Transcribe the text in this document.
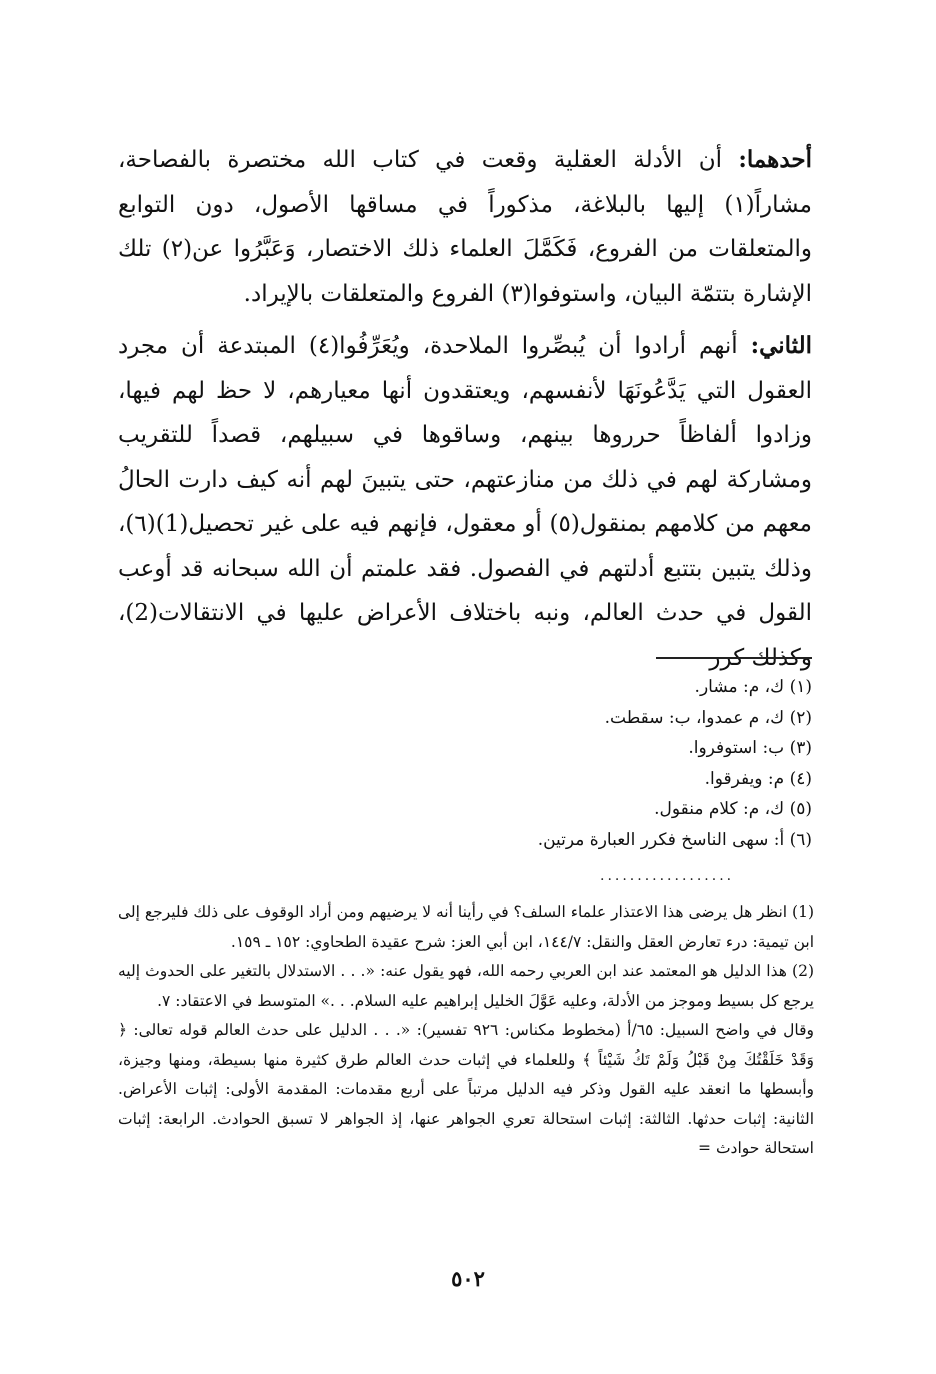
أحدهما: أن الأدلة العقلية وقعت في كتاب الله مختصرة بالفصاحة، مشاراً(١) إليها بالبلاغة، مذكوراً في مساقها الأصول، دون التوابع والمتعلقات من الفروع، فَكَمَّلَ العلماء ذلك الاختصار، وَعَبَّرُوا عن(٢) تلك الإشارة بتتمّة البيان، واستوفوا(٣) الفروع والمتعلقات بالإيراد.

الثاني: أنهم أرادوا أن يُبصِّروا الملاحدة، ويُعَرِّفُوا(٤) المبتدعة أن مجرد العقول التي يَدَّعُونَهَا لأنفسهم، ويعتقدون أنها معيارهم، لا حظ لهم فيها، وزادوا ألفاظاً حرروها بينهم، وساقوها في سبيلهم، قصداً للتقريب ومشاركة لهم في ذلك من منازعتهم، حتى يتبينَ لهم أنه كيف دارت الحالُ معهم من كلامهم بمنقول(٥) أو معقول، فإنهم فيه على غير تحصيل(1)(٦)، وذلك يتبين بتتبع أدلتهم في الفصول. فقد علمتم أن الله سبحانه قد أوعب القول في حدث العالم، ونبه باختلاف الأعراض عليها في الانتقالات(2)، وكذلك كرر

(١) ك، م: مشار.
(٢) ك، م عمدوا، ب: سقطت.
(٣) ب: استوفروا.
(٤) م: ويفرقوا.
(٥) ك، م: كلام منقول.
(٦) أ: سهى الناسخ فكرر العبارة مرتين.
..................

(1) انظر هل يرضى هذا الاعتذار علماء السلف؟ في رأينا أنه لا يرضيهم ومن أراد الوقوف على ذلك فليرجع إلى ابن تيمية: درء تعارض العقل والنقل: ١٤٤/٧، ابن أبي العز: شرح عقيدة الطحاوي: ١٥٢ ـ ١٥٩.

(2) هذا الدليل هو المعتمد عند ابن العربي رحمه الله، فهو يقول عنه: «. . . الاستدلال بالتغير على الحدوث إليه يرجع كل بسيط وموجز من الأدلة، وعليه عَوَّلَ الخليل إبراهيم عليه السلام. . .» المتوسط في الاعتقاد: ٧.

وقال في واضح السبيل: ٦٥/أ (مخطوط مكناس: ٩٢٦ تفسير): «. . . الدليل على حدث العالم قوله تعالى: ﴿ وَقَدْ خَلَقْتُكَ مِنْ قَبْلُ وَلَمْ تَكُ شَيْئاً ﴾ وللعلماء في إثبات حدث العالم طرق كثيرة منها بسيطة، ومنها وجيزة، وأبسطها ما انعقد عليه القول وذكر فيه الدليل مرتباً على أربع مقدمات: المقدمة الأولى: إثبات الأعراض. الثانية: إثبات حدثها. الثالثة: إثبات استحالة تعري الجواهر عنها، إذ الجواهر لا تسبق الحوادث. الرابعة: إثبات استحالة حوادث =

٥٠٢
